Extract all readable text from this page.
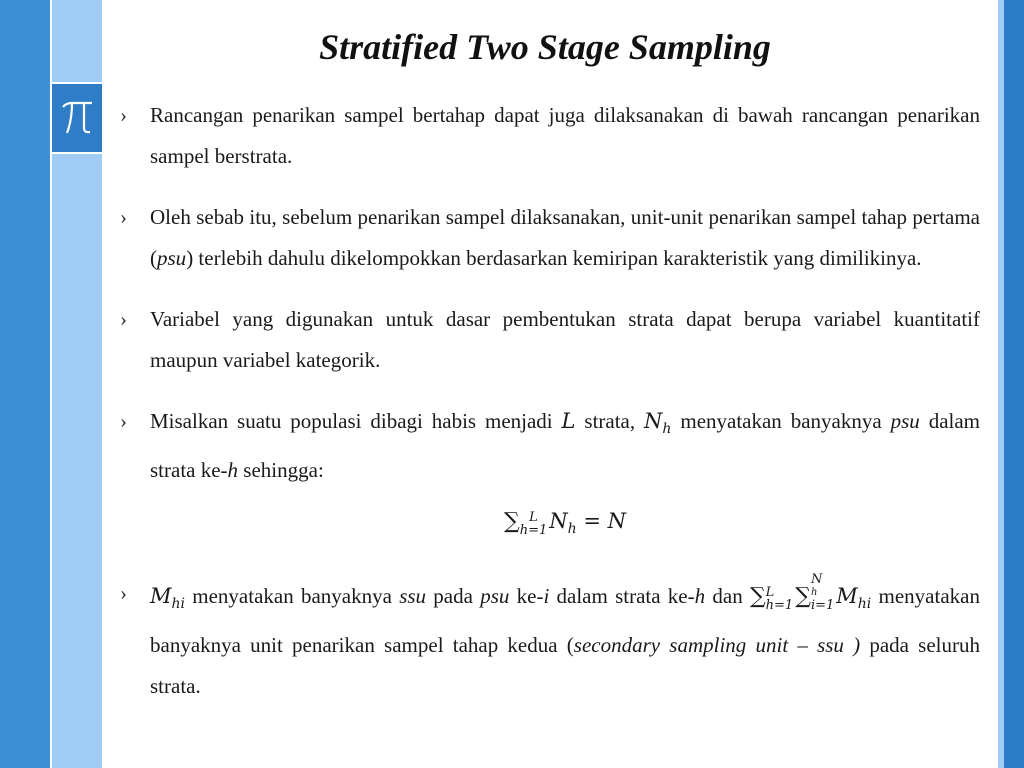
Stratified Two Stage Sampling
›	Rancangan penarikan sampel bertahap dapat juga dilaksanakan di bawah rancangan penarikan sampel berstrata.
›	Oleh sebab itu, sebelum penarikan sampel dilaksanakan, unit-unit penarikan sampel tahap pertama (psu) terlebih dahulu dikelompokkan berdasarkan kemiripan karakteristik yang dimilikinya.
›	Variabel yang digunakan untuk dasar pembentukan strata dapat berupa variabel kuantitatif maupun variabel kategorik.
›	Misalkan suatu populasi dibagi habis menjadi L strata, $N_h$ menyatakan banyaknya psu dalam strata ke-h sehingga:
∑ L
h=1 $N_h = N$
›	$M_{hi}$ menyatakan banyaknya ssu pada psu ke-i dalam strata ke-h dan ∑ L
h=1 ∑
N
h
i=1 $M_{hi}$ menyatakan banyaknya unit penarikan sampel tahap kedua (secondary sampling unit – ssu ) pada seluruh strata.
